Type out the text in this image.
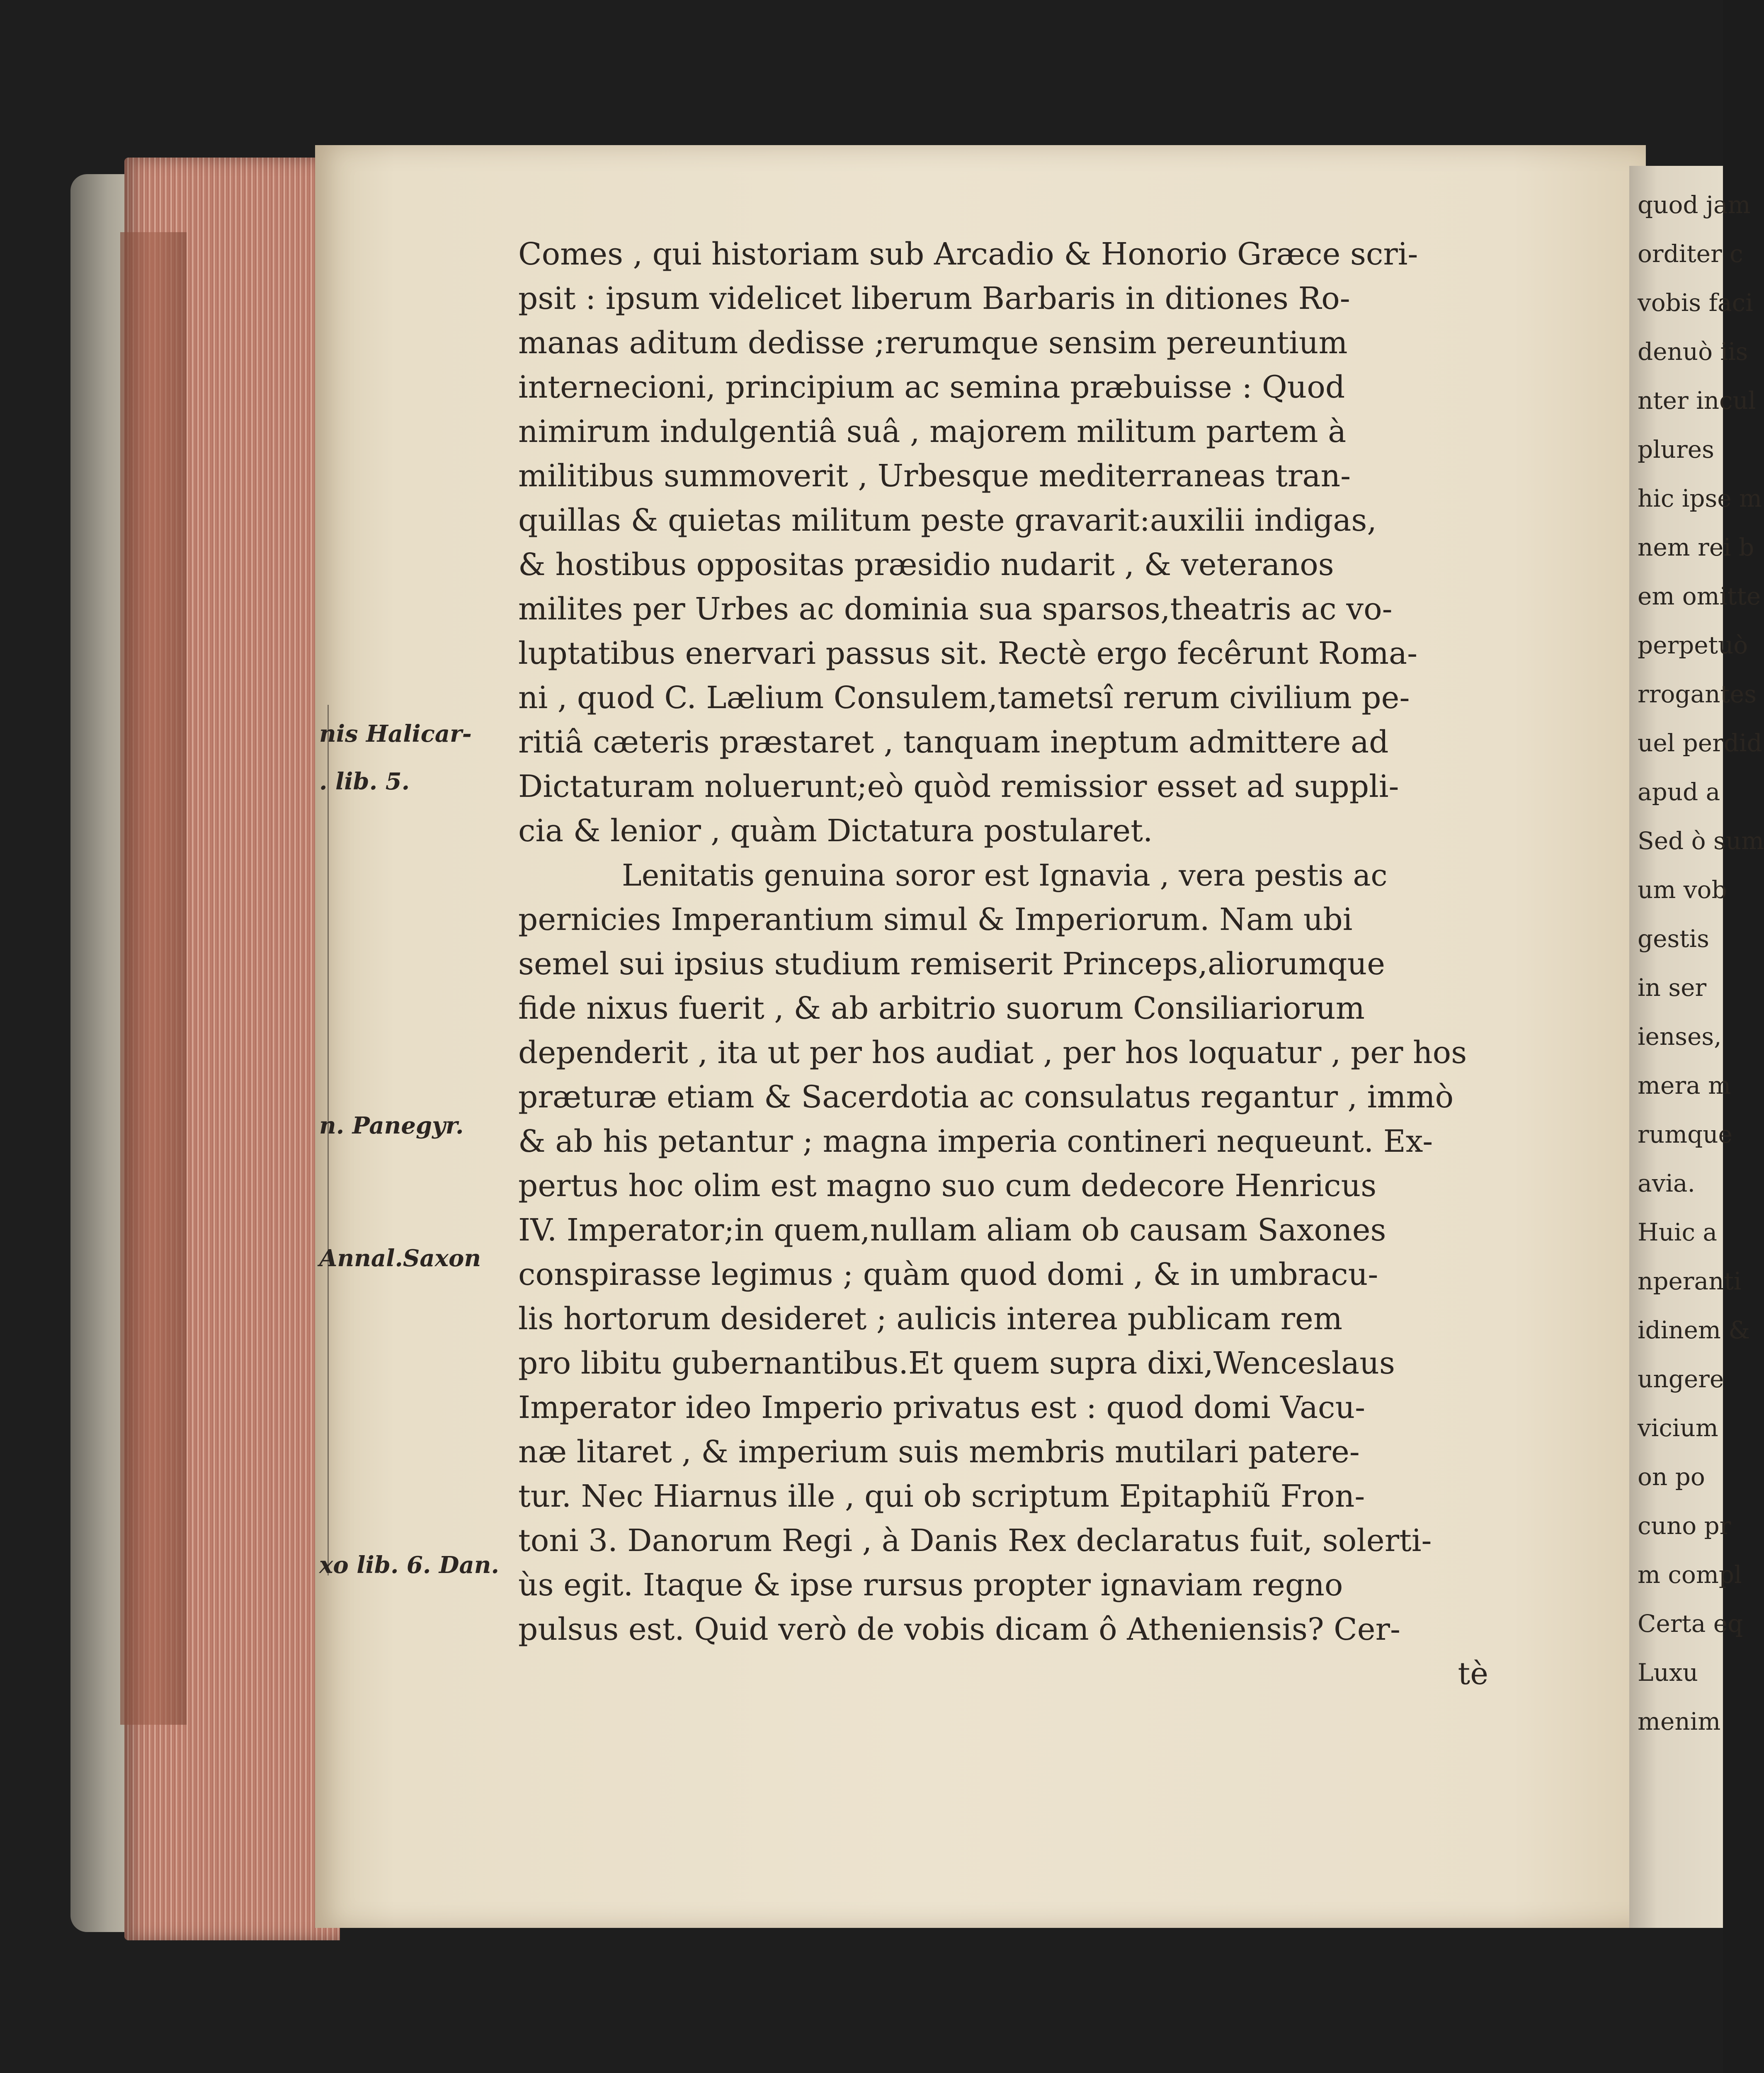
quod jam
orditer c
vobis faci
denuò iis
nter incul
plures
hic ipse m
nem rei b
em omitte
perpetuò
rrogantes
uel perdid
apud a
Sed ò sum
um vob
gestis
in ser
ienses,
mera m
rumque
avia.
Huic a
nperanti
idinem &
ungere
vicium
on po
cuno pr
m compl
Certa eq
Luxu
menim
nis Halicar-
. lib. 5.
n. Panegyr.
Annal.Saxon
xo lib. 6. Dan.
Comes , qui historiam sub Arcadio & Honorio Græce scri-
psit : ipsum videlicet liberum Barbaris in ditiones Ro-
manas aditum dedisse ;rerumque sensim pereuntium
internecioni, principium ac semina præbuisse : Quod
nimirum indulgentiâ suâ , majorem militum partem à
militibus summoverit , Urbesque mediterraneas tran-
quillas & quietas militum peste gravarit:auxilii indigas,
& hostibus oppositas præsidio nudarit , & veteranos
milites per Urbes ac dominia sua sparsos,theatris ac vo-
luptatibus enervari passus sit. Rectè ergo fecêrunt Roma-
ni , quod C. Lælium Consulem,tametsî rerum civilium pe-
ritiâ cæteris præstaret , tanquam ineptum admittere ad
Dictaturam noluerunt;eò quòd remissior esset ad suppli-
cia & lenior , quàm Dictatura postularet.
Lenitatis genuina soror est Ignavia , vera pestis ac
pernicies Imperantium simul & Imperiorum. Nam ubi
semel sui ipsius studium remiserit Princeps,aliorumque
fide nixus fuerit , & ab arbitrio suorum Consiliariorum
dependerit , ita ut per hos audiat , per hos loquatur , per hos
præturæ etiam & Sacerdotia ac consulatus regantur , immò
& ab his petantur ; magna imperia contineri nequeunt. Ex-
pertus hoc olim est magno suo cum dedecore Henricus
IV. Imperator;in quem,nullam aliam ob causam Saxones
conspirasse legimus ; quàm quod domi , & in umbracu-
lis hortorum desideret ; aulicis interea publicam rem
pro libitu gubernantibus.Et quem supra dixi,Wenceslaus
Imperator ideo Imperio privatus est : quod domi Vacu-
næ litaret , & imperium suis membris mutilari patere-
tur. Nec Hiarnus ille , qui ob scriptum Epitaphiũ Fron-
toni 3. Danorum Regi , à Danis Rex declaratus fuit, solerti-
ùs egit. Itaque & ipse rursus propter ignaviam regno
pulsus est. Quid verò de vobis dicam ô Atheniensis? Cer-
tè
